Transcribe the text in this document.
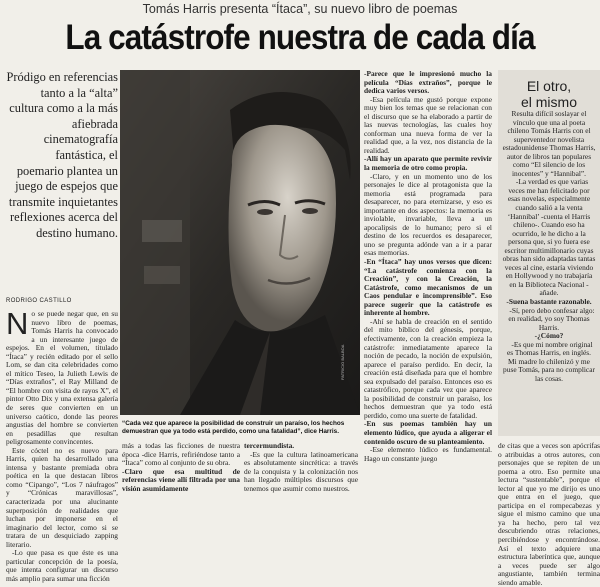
Tomás Harris presenta “Ítaca”, su nuevo libro de poemas
La catástrofe nuestra de cada día
Pródigo en referencias tanto a la “alta” cultura como a la más afiebrada cinematografía fantástica, el poemario plantea un juego de espejos que transmite inquietantes reflexiones acerca del destino humano.
RODRIGO CASTILLO

No se puede negar que, en su nuevo libro de poemas, Tomás Harris ha convocado a un interesante juego de espejos. En el volumen, titulado “Ítaca” y recién editado por el sello Lom, se dan cita celebridades como el mítico Teseo, la Julieth Lewis de “Días extraños”, el Ray Milland de “El hombre con visita de rayos X”, el pintor Otto Dix y una extensa galería de seres que convierten en un universo caótico, donde las peores angustias del hombre se convierten en pesadillas que resultan peligrosamente convincentes.

Este cóctel no es nuevo para Harris, quien ha desarrollado una intensa y bastante premiada obra poética en la que destacan libros como “Cipango”, “Los 7 náufragos” y “Crónicas maravillosas”, caracterizada por una alucinante superposición de realidades que luchan por imponerse en el imaginario del lector, como si se tratara de un desquiciado zapping literario.

-Lo que pasa es que éste es una particular concepción de la poesía, que intenta configurar un discurso más amplio para sumar una ficción

PATRICIO BALBOA
“Cada vez que aparece la posibilidad de construir un paraíso, los hechos demuestran que ya todo está perdido, como una fatalidad”, dice Harris.

más a todas las ficciones de nuestra época -dice Harris, refiriéndose tanto a “Ítaca” como al conjunto de su obra.

-Claro que esa multitud de referencias viene allí filtrada por una visión asumidamente

tercermundista.

-Es que la cultura latinoamericana es absolutamente sincrética: a través de la conquista y la colonización nos han llegado múltiples discursos que tenemos que asumir como nuestros.

-Parece que le impresionó mucho la película “Días extraños”, porque le dedica varios versos.

-Esa película me gustó porque expone muy bien los temas que se relacionan con el discurso que se ha elaborado a partir de las nuevas tecnologías, las cuales hoy conforman una nueva forma de ver la realidad que, a la vez, nos distancia de la realidad.

-Allí hay un aparato que permite revivir la memoria de otro como propia.

-Claro, y en un momento uno de los personajes le dice al protagonista que la memoria está programada para desaparecer, no para eternizarse, y eso es importante en dos aspectos: la memoria es inviolable, invariable, lleva a un apocalipsis de lo humano; pero si el destino de los recuerdos es desaparecer, uno se pregunta adónde van a ir a parar esas memorias.

-En “Ítaca” hay unos versos que dicen: “La catástrofe comienza con la Creación”, y con la Creación, la Catástrofe, como mecanismos de un Caos pendular e incomprensible”. Eso parece sugerir que la catástrofe es inherente al hombre.

-Ahí se habla de creación en el sentido del mito bíblico del génesis, porque, efectivamente, con la creación empieza la catástrofe: inmediatamente aparece la noción de pecado, la noción de expulsión, aparece el paraíso perdido. En decir, la creación está diseñada para que el hombre sea expulsado del paraíso. Entonces eso es catastrófico, porque cada vez que aparece la posibilidad de construir un paraíso, los hechos demuestran que ya todo está perdido, como una suerte de fatalidad.

-En sus poemas también hay un elemento lúdico, que ayuda a aligerar el contenido oscuro de su planteamiento.

-Ese elemento lúdico es fundamental. Hago un constante juego

El otro,
el mismo

Resulta difícil soslayar el vínculo que una al poeta chileno Tomás Harris con el superventedor novelista estadounidense Thomas Harris, autor de libros tan populares como “El silencio de los inocentes” y “Hannibal”.

-La verdad es que varias veces me han felicitado por esas novelas, especialmente cuando salió a la venta ‘Hannibal’ -cuenta el Harris chileno-. Cuando eso ha ocurrido, le he dicho a la persona que, si yo fuera ese escritor multimillonario cuyas obras han sido adaptadas tantas veces al cine, estaría viviendo en Hollywood y no trabajaría en la Biblioteca Nacional -añade.

-Suena bastante razonable.

-Sí, pero debo confesar algo: en realidad, yo soy Thomas Harris.

-¿Cómo?

-Es que mi nombre original es Thomas Harris, en inglés. Mi madre lo chilenizó y me puse Tomás, para no complicar las cosas.

de citas que a veces son apócrifas o atribuidas a otros autores, con personajes que se repiten de un poema a otro. Eso permite una lectura “sustentable”, porque el lector al que yo me dirijo es uno que entra en el juego, que participa en el rompecabezas y sigue el mismo camino que una ya ha hecho, pero tal vez descubriendo otras relaciones, percibiéndose y encontrándose. Así el texto adquiere una estructura laberíntica que, aunque a veces puede ser algo angustiante, también termina siendo amable.
